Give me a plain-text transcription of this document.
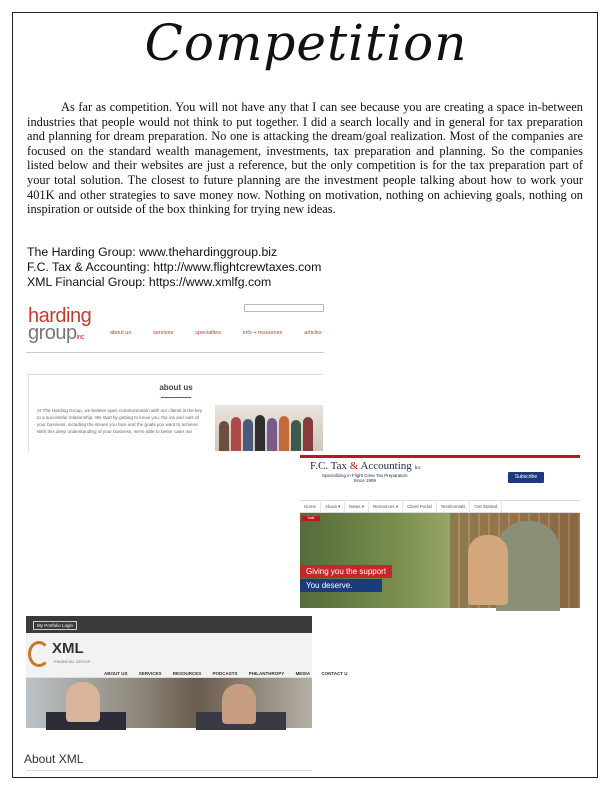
Competition

As far as competition. You will not have any that I can see because you are creating a space in-between industries that people would not think to put together. I did a search locally and in general for tax preparation and planning for dream preparation. No one is attacking the dream/goal realization. Most of the companies are focused on the standard wealth management, investments, tax preparation and planning. So the companies listed below and their websites are just a reference, but the only competition is for the tax preparation part of your total solution. The closest to future planning are the investment people talking about how to work your 401K and other strategies to save money now. Nothing on motivation, nothing on achieving goals, nothing on inspiration or outside of the box thinking for trying new ideas.

The Harding Group: www.thehardinggroup.biz
F.C. Tax & Accounting: http://www.flightcrewtaxes.com
XML Financial Group: https://www.xmlfg.com
harding
groupinc
about us	services	specialties	info + resources	articles
about us
At The Harding Group, we believe open communication with our clients is the key to a successful relationship. We start by getting to know you, the ins and outs of your business, including the issues you face and the goals you want to achieve. With this deep understanding of your business, we're able to better cater our
F.C. Tax & Accounting Inc
Specializing in Flight Crew Tax Preparation
Since 1999
Subscribe
Home About ▾ News ▾ Resources ▾ Client Portal Testimonials Get Started
Sale
Giving you the support
You deserve.
My Portfolio Login
XML
FINANCIAL GROUP
ABOUT US	SERVICES	RESOURCES	PODCASTS	PHILANTHROPY	MEDIA	CONTACT U
About XML
